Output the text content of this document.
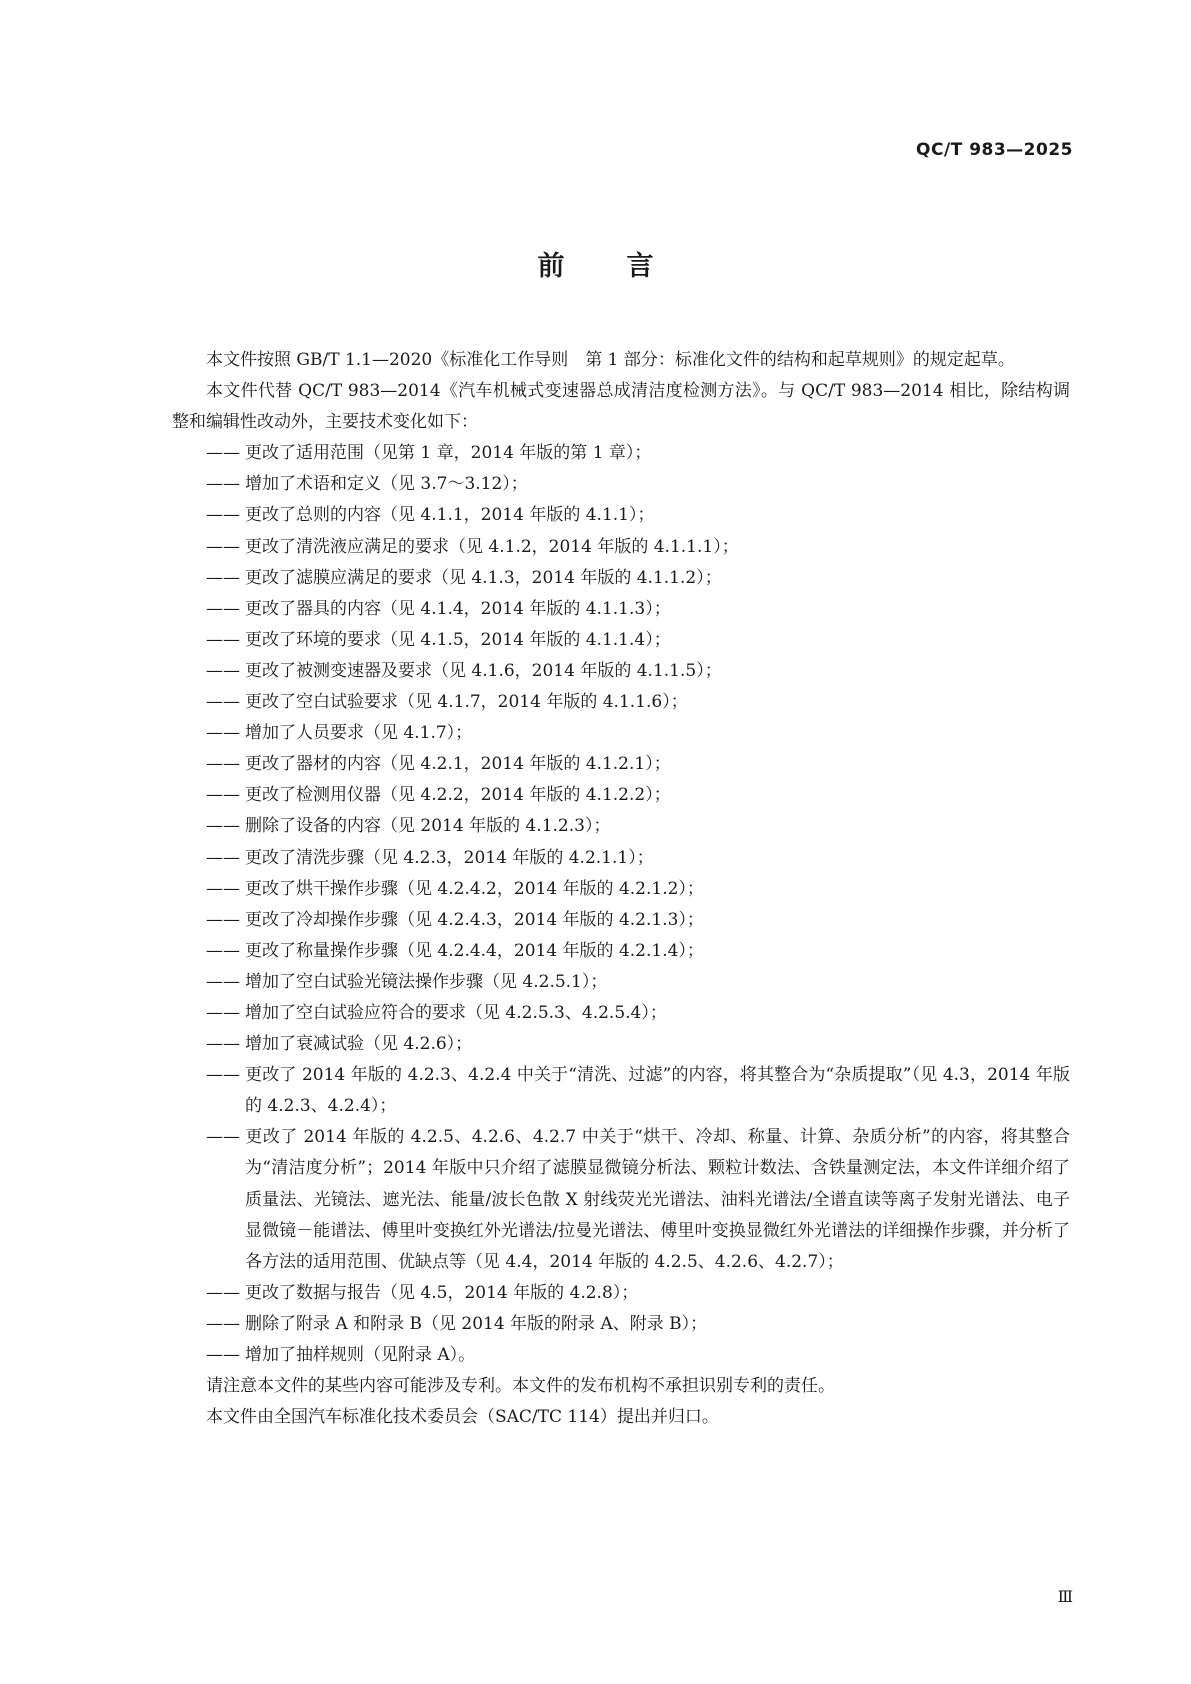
QC/T 983—2025
前言

本文件按照 GB/T 1.1—2020《标准化工作导则　第 1 部分：标准化文件的结构和起草规则》的规定起草。

本文件代替 QC/T 983—2014《汽车机械式变速器总成清洁度检测方法》。与 QC/T 983—2014 相比，除结构调整和编辑性改动外，主要技术变化如下：

—— 更改了适用范围（见第 1 章，2014 年版的第 1 章）；
—— 增加了术语和定义（见 3.7～3.12）；
—— 更改了总则的内容（见 4.1.1，2014 年版的 4.1.1）；
—— 更改了清洗液应满足的要求（见 4.1.2，2014 年版的 4.1.1.1）；
—— 更改了滤膜应满足的要求（见 4.1.3，2014 年版的 4.1.1.2）；
—— 更改了器具的内容（见 4.1.4，2014 年版的 4.1.1.3）；
—— 更改了环境的要求（见 4.1.5，2014 年版的 4.1.1.4）；
—— 更改了被测变速器及要求（见 4.1.6，2014 年版的 4.1.1.5）；
—— 更改了空白试验要求（见 4.1.7，2014 年版的 4.1.1.6）；
—— 增加了人员要求（见 4.1.7）；
—— 更改了器材的内容（见 4.2.1，2014 年版的 4.1.2.1）；
—— 更改了检测用仪器（见 4.2.2，2014 年版的 4.1.2.2）；
—— 删除了设备的内容（见 2014 年版的 4.1.2.3）；
—— 更改了清洗步骤（见 4.2.3，2014 年版的 4.2.1.1）；
—— 更改了烘干操作步骤（见 4.2.4.2，2014 年版的 4.2.1.2）；
—— 更改了冷却操作步骤（见 4.2.4.3，2014 年版的 4.2.1.3）；
—— 更改了称量操作步骤（见 4.2.4.4，2014 年版的 4.2.1.4）；
—— 增加了空白试验光镜法操作步骤（见 4.2.5.1）；
—— 增加了空白试验应符合的要求（见 4.2.5.3、4.2.5.4）；
—— 增加了衰减试验（见 4.2.6）；
—— 更改了 2014 年版的 4.2.3、4.2.4 中关于“清洗、过滤”的内容，将其整合为“杂质提取”（见 4.3，2014 年版的 4.2.3、4.2.4）；
—— 更改了 2014 年版的 4.2.5、4.2.6、4.2.7 中关于“烘干、冷却、称量、计算、杂质分析”的内容，将其整合为“清洁度分析”；2014 年版中只介绍了滤膜显微镜分析法、颗粒计数法、含铁量测定法，本文件详细介绍了质量法、光镜法、遮光法、能量/波长色散 X 射线荧光光谱法、油料光谱法/全谱直读等离子发射光谱法、电子显微镜－能谱法、傅里叶变换红外光谱法/拉曼光谱法、傅里叶变换显微红外光谱法的详细操作步骤，并分析了各方法的适用范围、优缺点等（见 4.4，2014 年版的 4.2.5、4.2.6、4.2.7）；
—— 更改了数据与报告（见 4.5，2014 年版的 4.2.8）；
—— 删除了附录 A 和附录 B（见 2014 年版的附录 A、附录 B）；
—— 增加了抽样规则（见附录 A）。

请注意本文件的某些内容可能涉及专利。本文件的发布机构不承担识别专利的责任。

本文件由全国汽车标准化技术委员会（SAC/TC 114）提出并归口。

Ⅲ
